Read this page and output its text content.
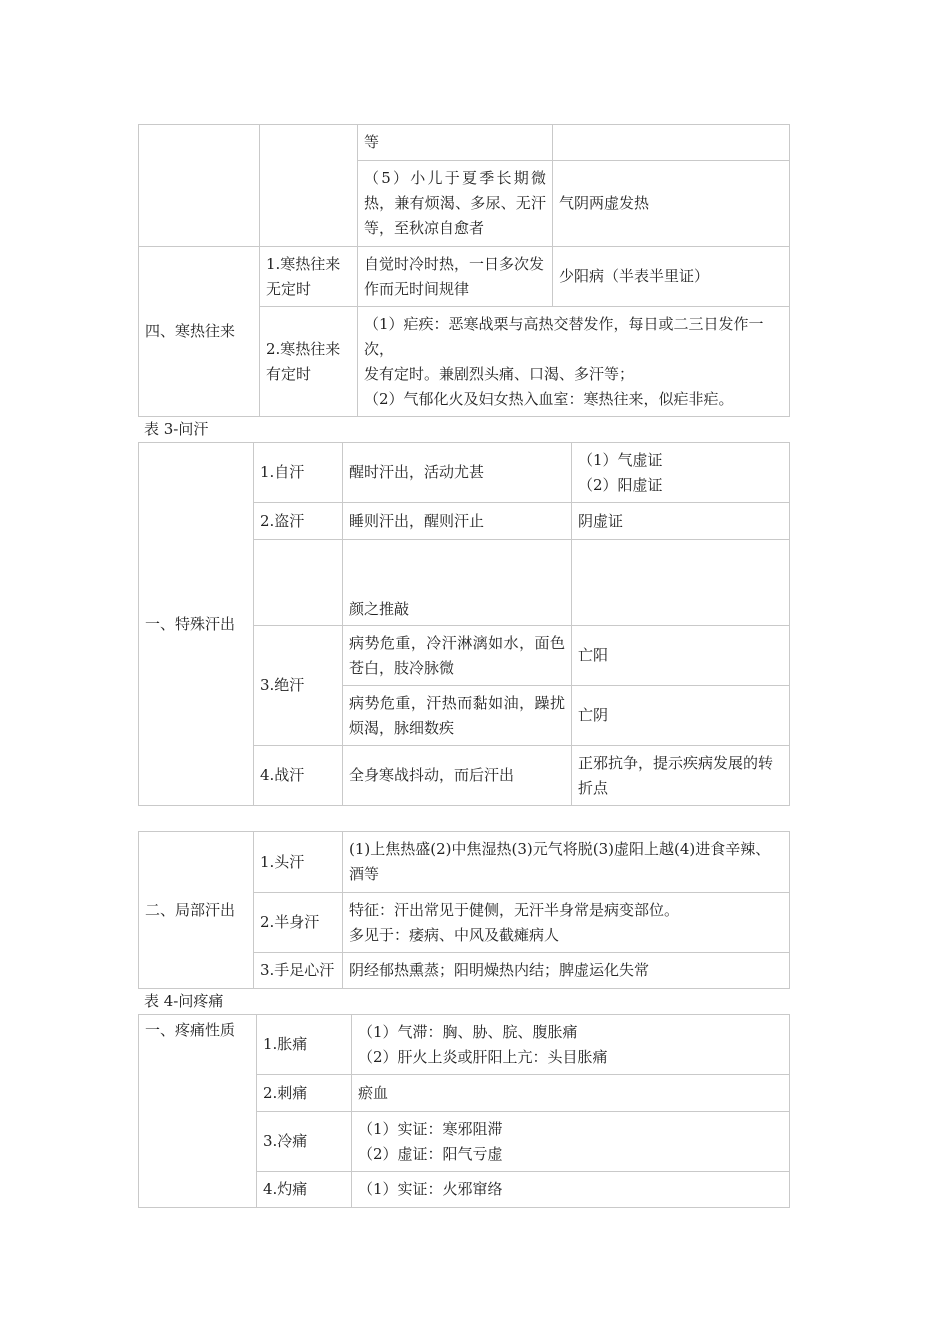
		等	
		（5）小儿于夏季长期微热，兼有烦渴、多尿、无汗等，至秋凉自愈者	气阴两虚发热
四、寒热往来	1.寒热往来无定时	自觉时冷时热，一日多次发作而无时间规律	少阳病（半表半里证）
	2.寒热往来有定时	（1）疟疾：恶寒战栗与高热交替发作，每日或二三日发作一次，
发有定时。兼剧烈头痛、口渴、多汗等；
（2）气郁化火及妇女热入血室：寒热往来，似疟非疟。	
表 3-问汗
一、特殊汗出	1.自汗	醒时汗出，活动尤甚	（1）气虚证
（2）阳虚证

	2.盗汗	睡则汗出，醒则汗止	阴虚证
		颜之推敲	
	3.绝汗	病势危重，冷汗淋漓如水，面色苍白，肢冷脉微	亡阳
		病势危重，汗热而黏如油，躁扰烦渴，脉细数疾	亡阴
	4.战汗	全身寒战抖动，而后汗出	正邪抗争，提示疾病发展的转折点
二、局部汗出	1.头汗	(1)上焦热盛(2)中焦湿热(3)元气将脱(3)虚阳上越(4)进食辛辣、酒等
	2.半身汗	特征：汗出常见于健侧，无汗半身常是病变部位。
多见于：痿病、中风及截瘫病人

	3.手足心汗	阴经郁热熏蒸；阳明燥热内结；脾虚运化失常
表 4-问疼痛
一、疼痛性质	1.胀痛	（1）气滞：胸、胁、脘、腹胀痛
（2）肝火上炎或肝阳上亢：头目胀痛

	2.刺痛	瘀血
	3.冷痛	（1）实证：寒邪阻滞
（2）虚证：阳气亏虚

	4.灼痛	（1）实证：火邪窜络
